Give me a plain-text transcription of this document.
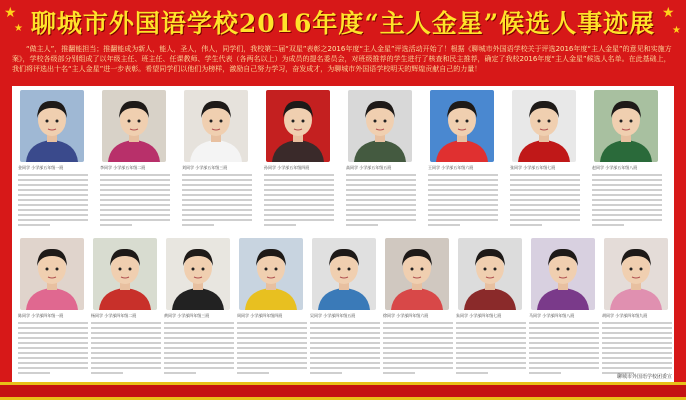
★
★
★
★
聊城市外国语学校2016年度“主人金星”候选人事迹展
“做主人”，推翻能担当；推翻能成为新人，能人，圣人，伟人，同学们，我校第二届“双星”表彰之2016年度“主人金星”评选活动开始了！根据《聊城市外国语学校关于评选2016年度“主人金星”的意见和实施方案》，学校各级部分别组成了以年级主任、班主任、任课教师、学生代表（各两名以上）为成员的提名委员会，对班级推荐的学生进行了核查和民主推荐，确定了我校2016年度“主人金星”候选人名单。在此基础上，我们将评选出十名“主人金星”进一步表彰。希望同学们以他们为榜样，激励自己努力学习，奋发成才，为聊城市外国语学校明天的辉煌贡献自己的力量！
金同学 小学部五年级一班	李同学 小学部五年级二班	刘同学 小学部五年级三班	孙同学 小学部五年级四班	高同学 小学部五年级五班	王同学 小学部五年级六班	张同学 小学部五年级七班	赵同学 小学部五年级八班
陈同学 小学部四年级一班	杨同学 小学部四年级二班	黄同学 小学部四年级三班	周同学 小学部四年级四班	吴同学 小学部四年级五班	徐同学 小学部四年级六班	朱同学 小学部四年级七班	马同学 小学部四年级八班	胡同学 小学部四年级九班
聊城市外国语学校团委宣
